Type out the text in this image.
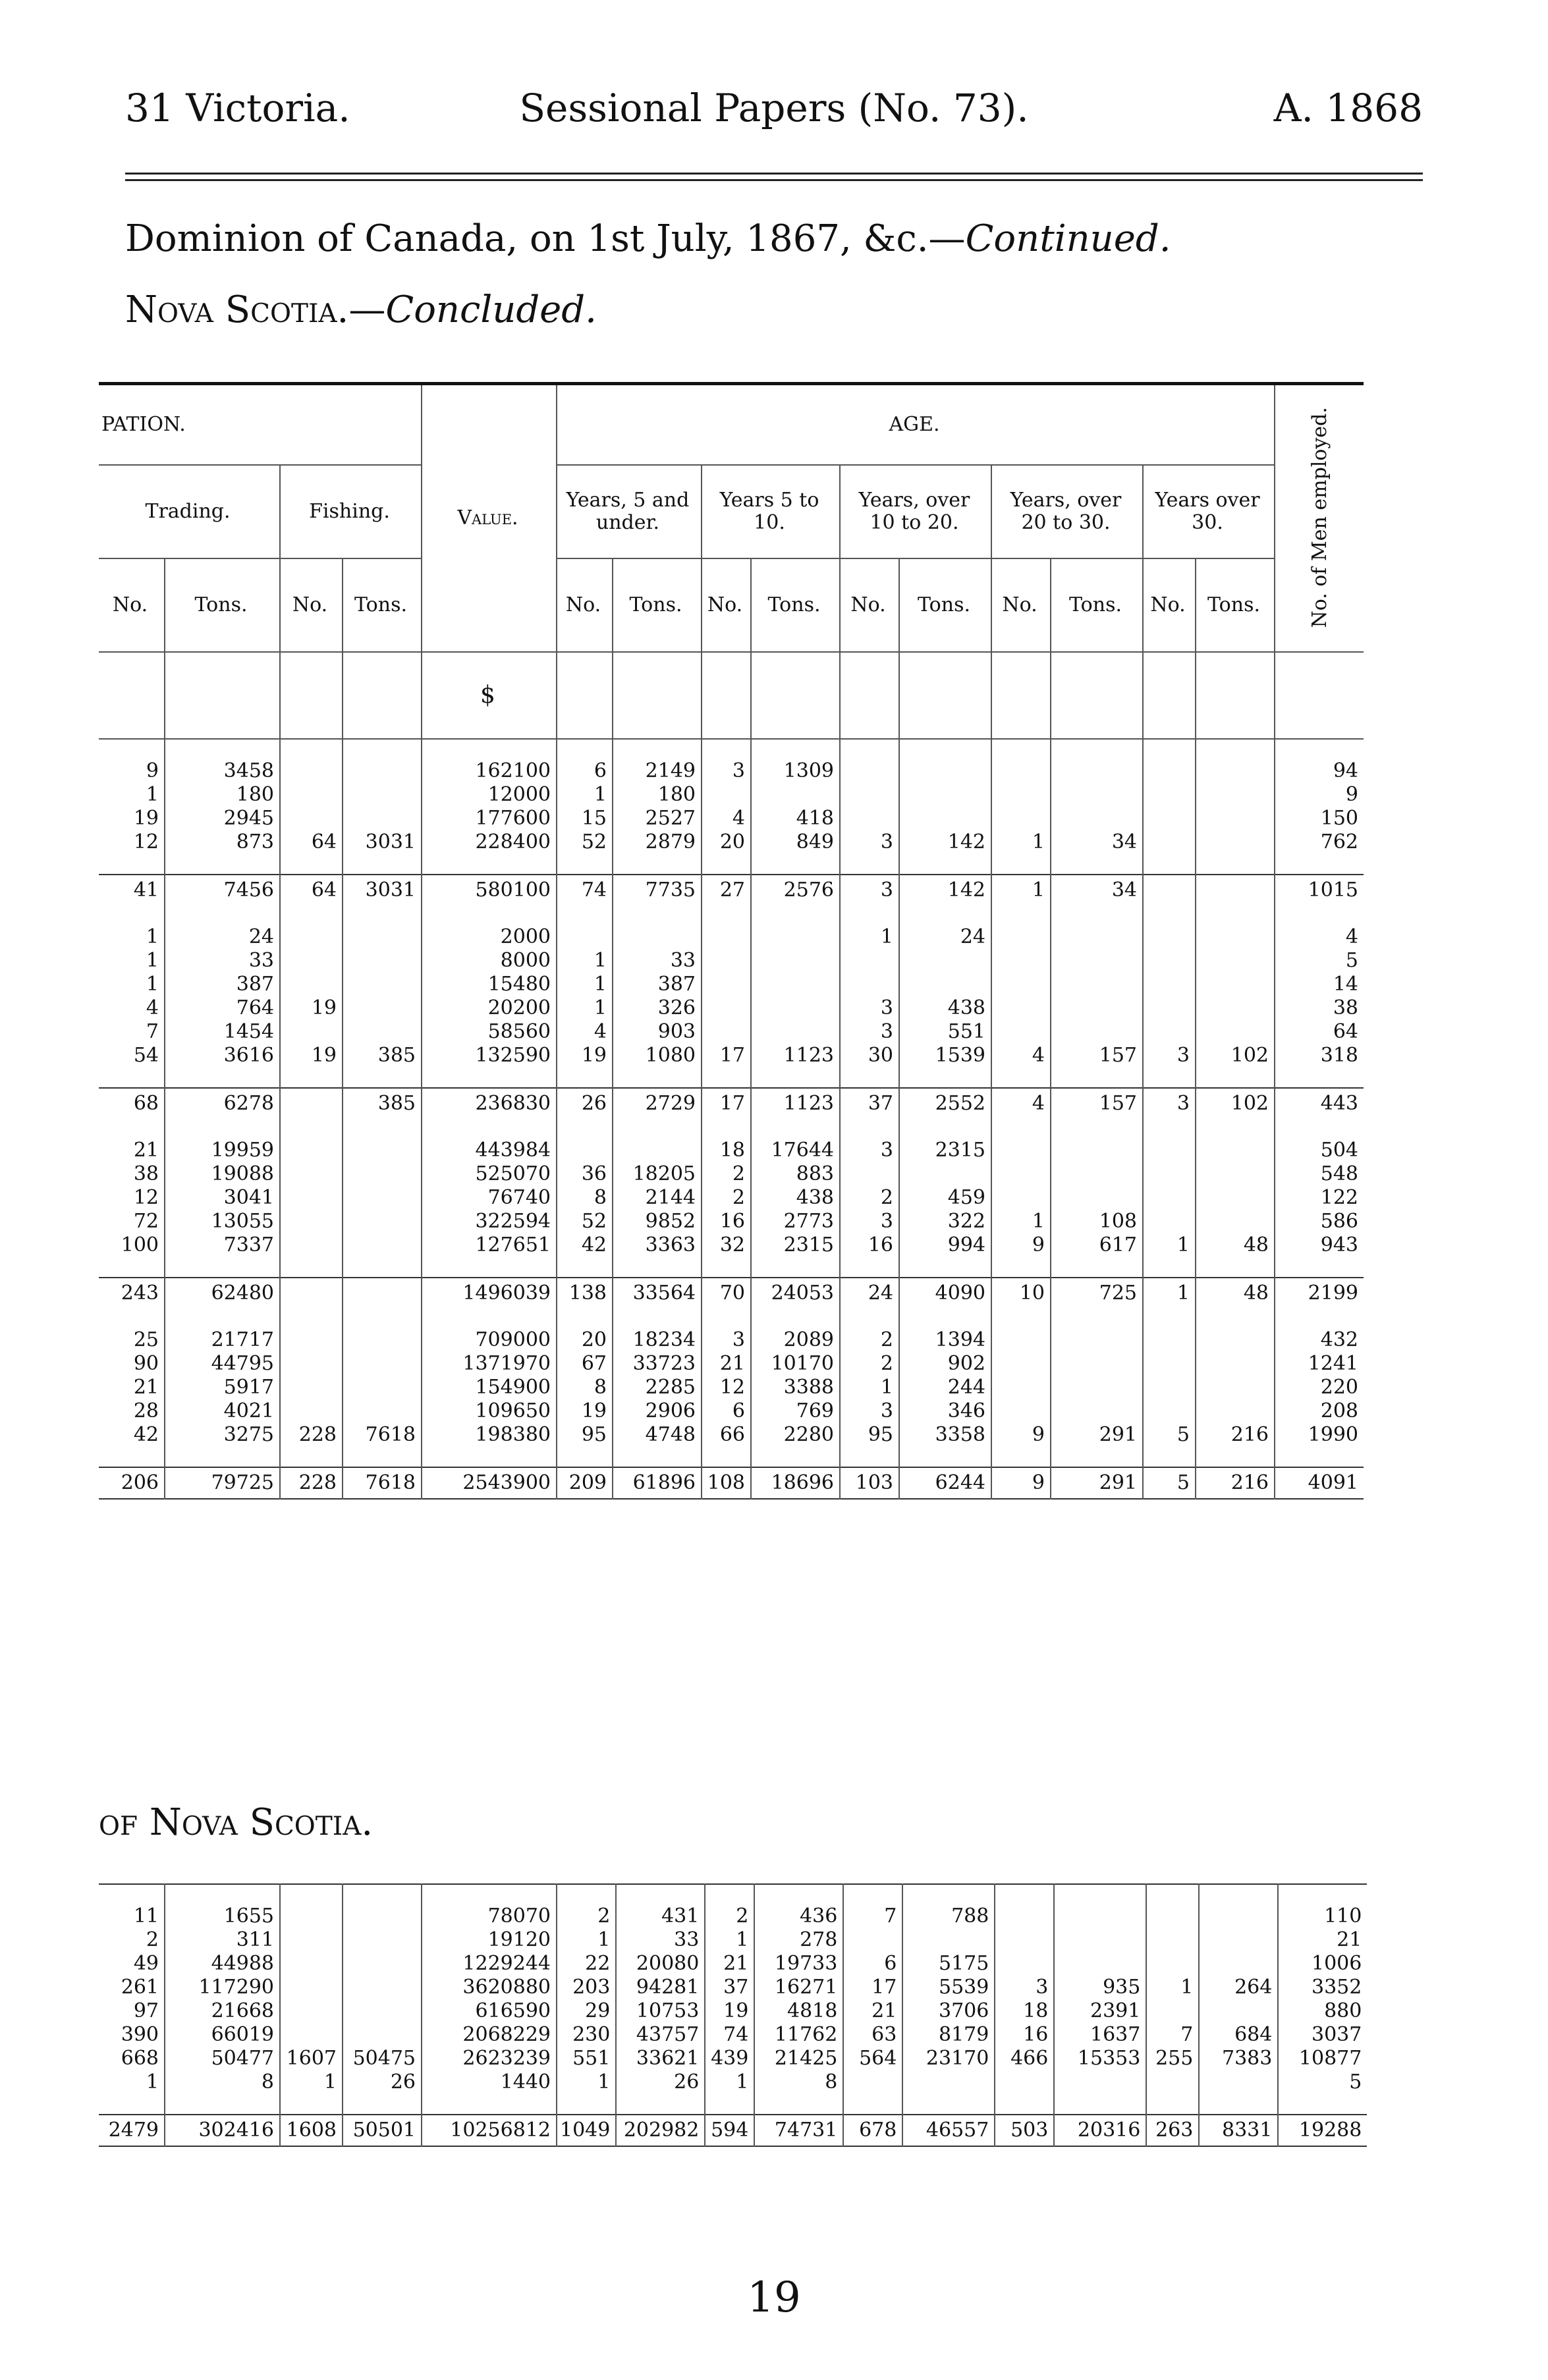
31 Victoria.	Sessional Papers (No. 73).	A. 1868
Dominion of Canada, on 1st July, 1867, &c.—Continued.
Nova Scotia.—Concluded.
PATION.				Value.	AGE.										No. of Men employed.
Trading.		Fishing.			Years, 5 and under.		Years 5 to 10.		Years, over 10 to 20.		Years, over 20 to 30.		Years over 30.		
No.	Tons.	No.	Tons.		No.	Tons.	No.	Tons.	No.	Tons.	No.	Tons.	No.	Tons.	
				$											
9	3458			162100	6	2149	3	1309							94
1	180			12000	1	180									9
19	2945			177600	15	2527	4	418							150
12	873	64	3031	228400	52	2879	20	849	3	142	1	34			762
41	7456	64	3031	580100	74	7735	27	2576	3	142	1	34			1015
1	24			2000					1	24					4
1	33			8000	1	33									5
1	387			15480	1	387									14
4	764	19		20200	1	326			3	438					38
7	1454			58560	4	903			3	551					64
54	3616	19	385	132590	19	1080	17	1123	30	1539	4	157	3	102	318
68	6278		385	236830	26	2729	17	1123	37	2552	4	157	3	102	443
21	19959			443984			18	17644	3	2315					504
38	19088			525070	36	18205	2	883							548
12	3041			76740	8	2144	2	438	2	459					122
72	13055			322594	52	9852	16	2773	3	322	1	108			586
100	7337			127651	42	3363	32	2315	16	994	9	617	1	48	943
243	62480			1496039	138	33564	70	24053	24	4090	10	725	1	48	2199
25	21717			709000	20	18234	3	2089	2	1394					432
90	44795			1371970	67	33723	21	10170	2	902					1241
21	5917			154900	8	2285	12	3388	1	244					220
28	4021			109650	19	2906	6	769	3	346					208
42	3275	228	7618	198380	95	4748	66	2280	95	3358	9	291	5	216	1990
206	79725	228	7618	2543900	209	61896	108	18696	103	6244	9	291	5	216	4091
of Nova Scotia.
11	1655			78070	2	431	2	436	7	788					110
2	311			19120	1	33	1	278							21
49	44988			1229244	22	20080	21	19733	6	5175					1006
261	117290			3620880	203	94281	37	16271	17	5539	3	935	1	264	3352
97	21668			616590	29	10753	19	4818	21	3706	18	2391			880
390	66019			2068229	230	43757	74	11762	63	8179	16	1637	7	684	3037
668	50477	1607	50475	2623239	551	33621	439	21425	564	23170	466	15353	255	7383	10877
1	8	1	26	1440	1	26	1	8							5
2479	302416	1608	50501	10256812	1049	202982	594	74731	678	46557	503	20316	263	8331	19288
19
